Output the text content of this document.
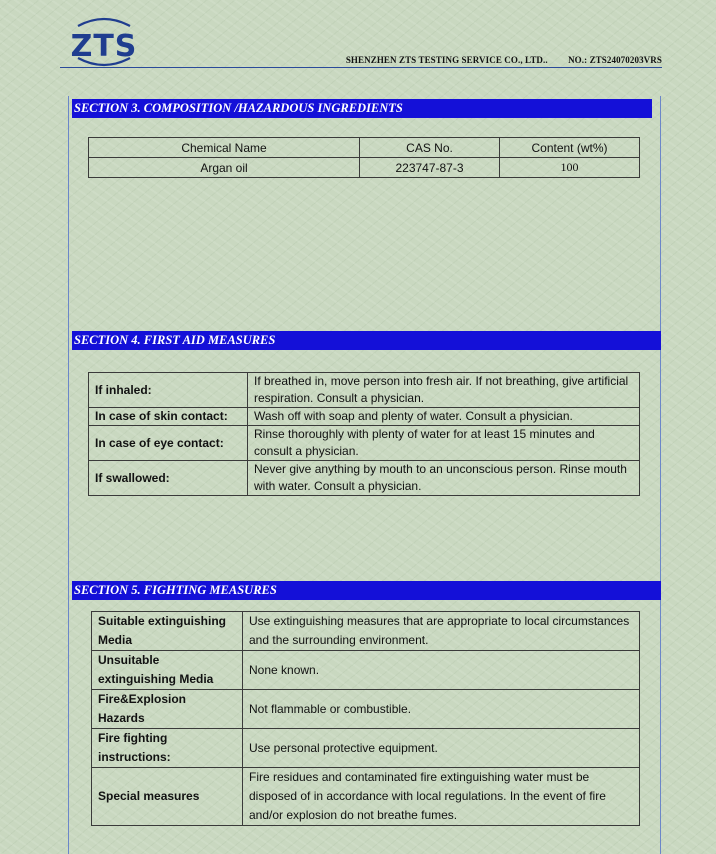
ZTS	SHENZHEN ZTS TESTING SERVICE CO., LTD.. NO.: ZTS24070203VRS
SECTION 3. COMPOSITION /HAZARDOUS INGREDIENTS
Chemical Name	CAS No.	Content (wt%)
Argan oil	223747-87-3	100
SECTION 4. FIRST AID MEASURES
If inhaled:	If breathed in, move person into fresh air. If not breathing, give artificial respiration. Consult a physician.
In case of skin contact:	Wash off with soap and plenty of water. Consult a physician.
In case of eye contact:	Rinse thoroughly with plenty of water for at least 15 minutes and consult a physician.
If swallowed:	Never give anything by mouth to an unconscious person. Rinse mouth with water. Consult a physician.
SECTION 5. FIGHTING MEASURES
Suitable extinguishing Media	Use extinguishing measures that are appropriate to local circumstances and the surrounding environment.
Unsuitable extinguishing Media	None known.
Fire&Explosion Hazards	Not flammable or combustible.
Fire fighting instructions:	Use personal protective equipment.
Special measures	Fire residues and contaminated fire extinguishing water must be disposed of in accordance with local regulations. In the event of fire and/or explosion do not breathe fumes.
